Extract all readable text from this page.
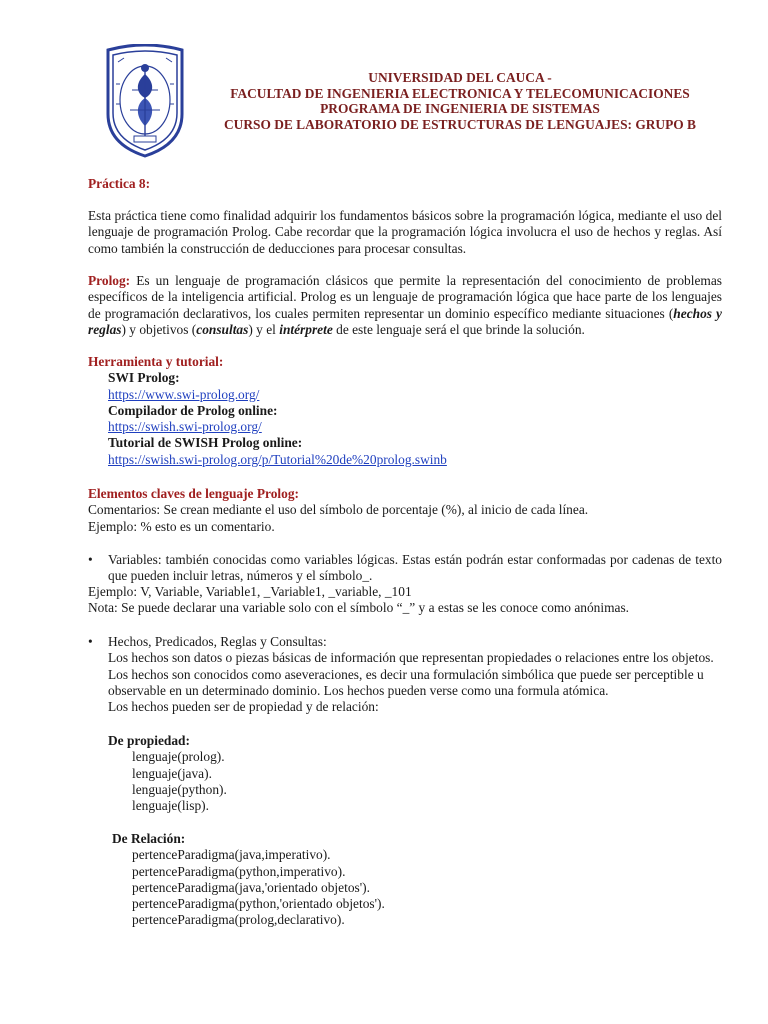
UNIVERSIDAD DEL CAUCA -
FACULTAD DE INGENIERIA ELECTRONICA Y TELECOMUNICACIONES
PROGRAMA DE INGENIERIA DE SISTEMAS
CURSO DE LABORATORIO DE ESTRUCTURAS DE LENGUAJES: GRUPO B
Práctica 8:
Esta práctica tiene como finalidad adquirir los fundamentos básicos sobre la programación lógica, mediante el uso del lenguaje de programación Prolog. Cabe recordar que la programación lógica involucra el uso de hechos y reglas. Así como también la construcción de deducciones para procesar consultas.
Prolog: Es un lenguaje de programación clásicos que permite la representación del conocimiento de problemas específicos de la inteligencia artificial. Prolog es un lenguaje de programación lógica que hace parte de los lenguajes de programación declarativos, los cuales permiten representar un dominio específico mediante situaciones (hechos y reglas) y objetivos (consultas) y el intérprete de este lenguaje será el que brinde la solución.
Herramienta y tutorial:
SWI Prolog:
https://www.swi-prolog.org/
Compilador de Prolog online:
https://swish.swi-prolog.org/
Tutorial de SWISH Prolog online:
https://swish.swi-prolog.org/p/Tutorial%20de%20prolog.swinb
Elementos claves de lenguaje Prolog:
Comentarios: Se crean mediante el uso del símbolo de porcentaje (%), al inicio de cada línea.
Ejemplo: % esto es un comentario.
• Variables: también conocidas como variables lógicas. Estas están podrán estar conformadas por cadenas de texto que pueden incluir letras, números y el símbolo_.
Ejemplo: V, Variable, Variable1, _Variable1, _variable, _101
Nota: Se puede declarar una variable solo con el símbolo “_” y a estas se les conoce como anónimas.
• Hechos, Predicados, Reglas y Consultas:
Los hechos son datos o piezas básicas de información que representan propiedades o relaciones entre los objetos. Los hechos son conocidos como aseveraciones, es decir una formulación simbólica que puede ser perceptible u observable en un determinado dominio. Los hechos pueden verse como una formula atómica.
Los hechos pueden ser de propiedad y de relación:
De propiedad:
lenguaje(prolog).
lenguaje(java).
lenguaje(python).
lenguaje(lisp).
De Relación:
pertenceParadigma(java,imperativo).
pertenceParadigma(python,imperativo).
pertenceParadigma(java,'orientado objetos').
pertenceParadigma(python,'orientado objetos').
pertenceParadigma(prolog,declarativo).
